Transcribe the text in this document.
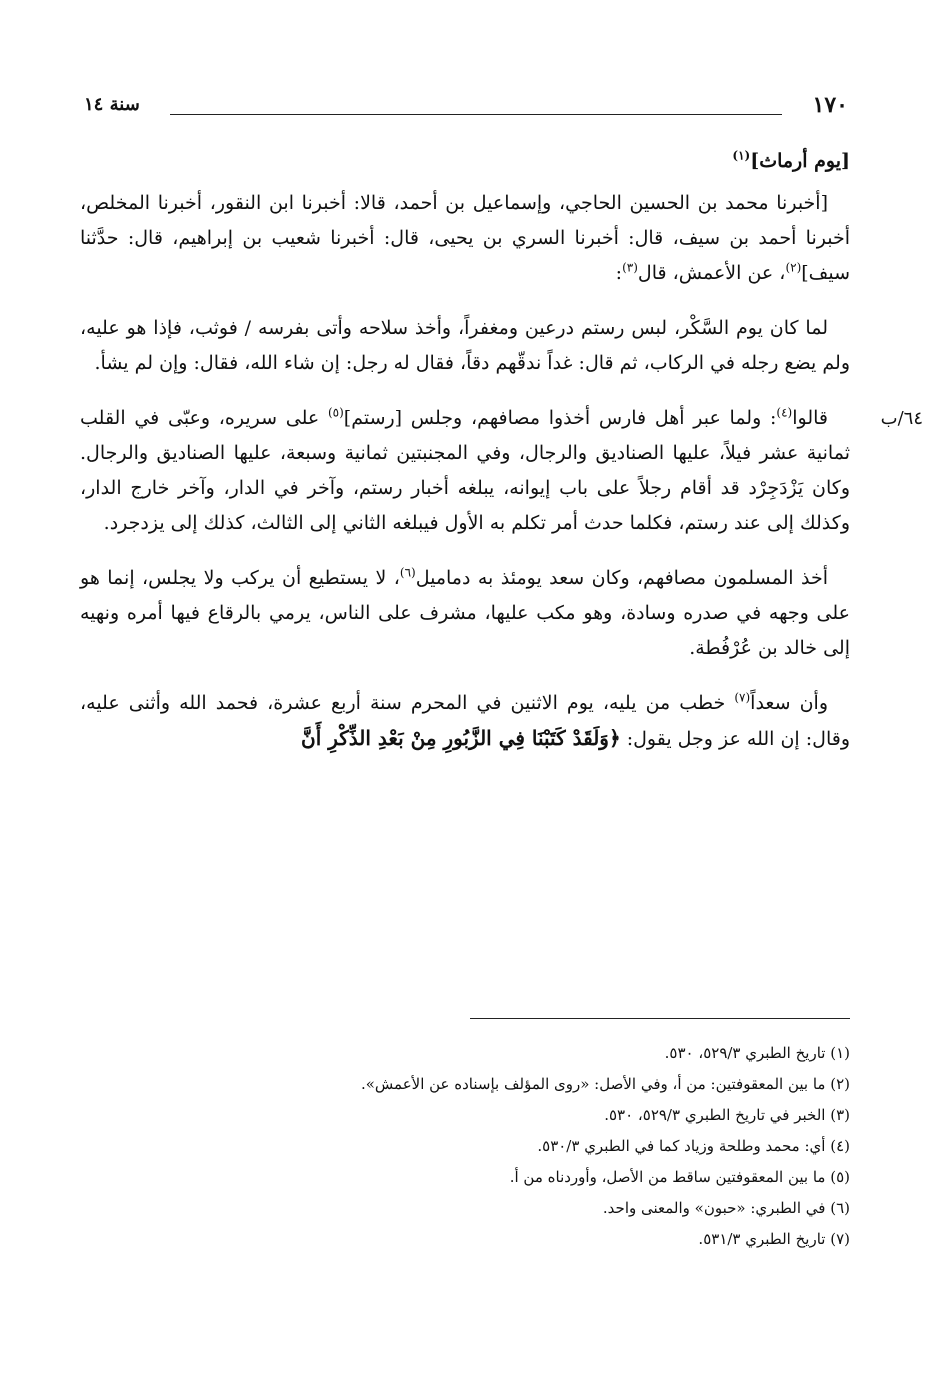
١٧٠
سنة ١٤
٦٤/ب
[يوم أرماث]$^{(١)}$

[أخبرنا محمد بن الحسين الحاجي، وإسماعيل بن أحمد، قالا: أخبرنا ابن النقور، أخبرنا المخلص، أخبرنا أحمد بن سيف، قال: أخبرنا السري بن يحيى، قال: أخبرنا شعيب بن إبراهيم، قال: حدَّثنا سيف]$^{(٢)}$، عن الأعمش، قال$^{(٣)}$:

لما كان يوم السَّكْر، لبس رستم درعين ومغفراً، وأخذ سلاحه وأتى بفرسه / فوثب، فإذا هو عليه، ولم يضع رجله في الركاب، ثم قال: غداً ندقّهم دقاً، فقال له رجل: إن شاء الله، فقال: وإن لم يشأ.

قالوا$^{(٤)}$: ولما عبر أهل فارس أخذوا مصافهم، وجلس [رستم]$^{(٥)}$ على سريره، وعبّى في القلب ثمانية عشر فيلاً، عليها الصناديق والرجال، وفي المجنبتين ثمانية وسبعة، عليها الصناديق والرجال. وكان يَزْدَجِرْد قد أقام رجلاً على باب إيوانه، يبلغه أخبار رستم، وآخر في الدار، وآخر خارج الدار، وكذلك إلى عند رستم، فكلما حدث أمر تكلم به الأول فيبلغه الثاني إلى الثالث، كذلك إلى يزدجرد.

أخذ المسلمون مصافهم، وكان سعد يومئذ به دماميل$^{(٦)}$، لا يستطيع أن يركب ولا يجلس، إنما هو على وجهه في صدره وسادة، وهو مكب عليها، مشرف على الناس، يرمي بالرقاع فيها أمره ونهيه إلى خالد بن عُرْفُطة.

وأن سعداً$^{(٧)}$ خطب من يليه، يوم الاثنين في المحرم سنة أربع عشرة، فحمد الله وأثنى عليه، وقال: إن الله عز وجل يقول: ﴿وَلَقَدْ كَتَبْنَا فِي الزَّبُورِ مِنْ بَعْدِ الذِّكْرِ أَنَّ

(١) تاريخ الطبري ٥٢٩/٣، ٥٣٠.
(٢) ما بين المعقوفتين: من أ، وفي الأصل: «روى المؤلف بإسناده عن الأعمش».
(٣) الخبر في تاريخ الطبري ٥٢٩/٣، ٥٣٠.
(٤) أي: محمد وطلحة وزياد كما في الطبري ٥٣٠/٣.
(٥) ما بين المعقوفتين ساقط من الأصل، وأوردناه من أ.
(٦) في الطبري: «حبون» والمعنى واحد.
(٧) تاريخ الطبري ٥٣١/٣.
